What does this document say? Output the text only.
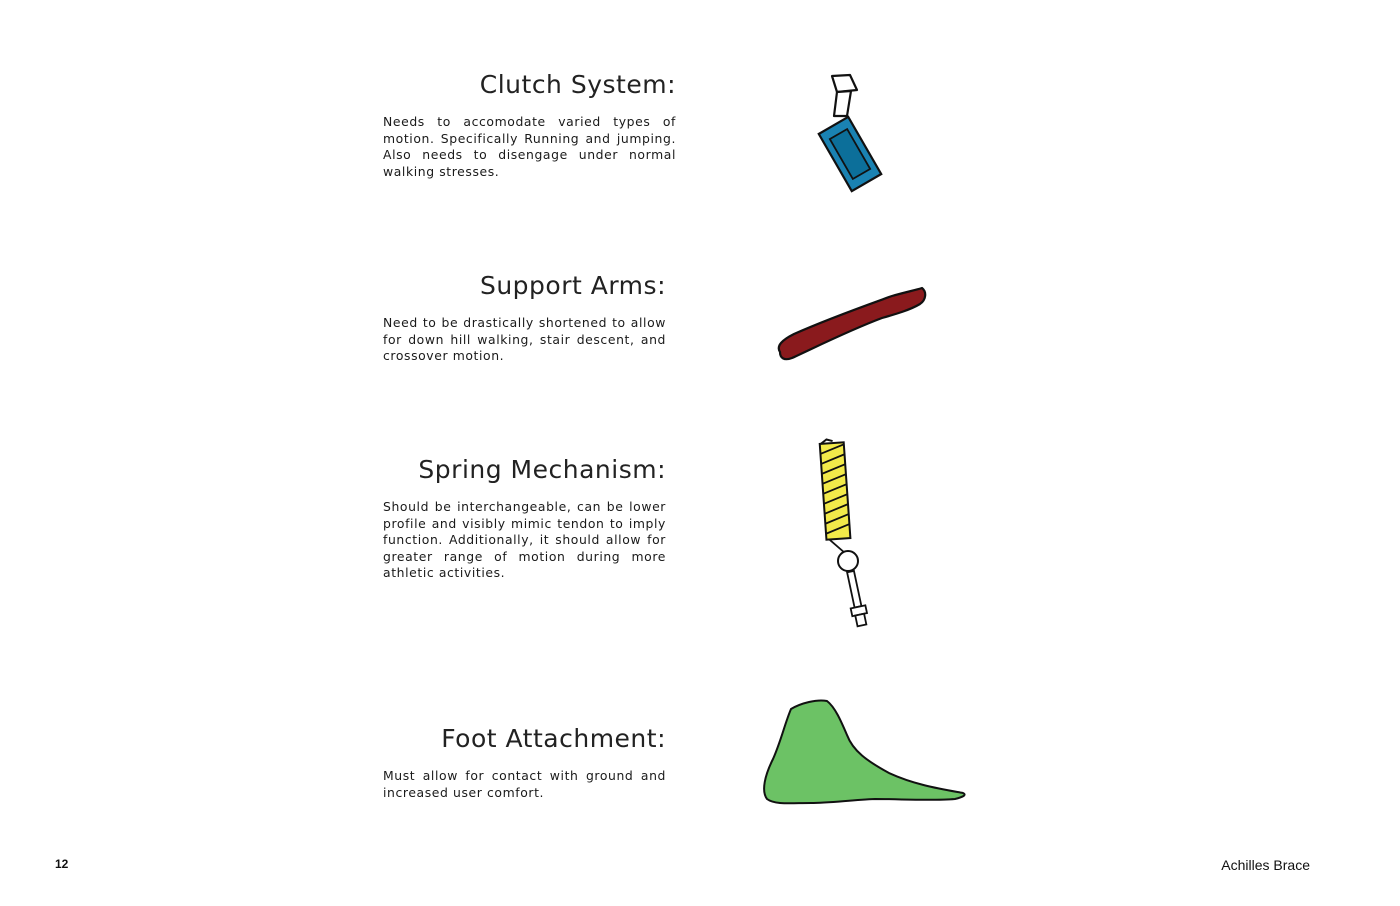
Clutch System:

Needs to accomodate varied types of motion. Specifically Running and jumping. Also needs to disengage under normal walking stresses.

Support Arms:

Need to be drastically shortened to allow for down hill walking, stair descent, and crossover motion.

Spring Mechanism:

Should be interchangeable, can be lower profile and visibly mimic tendon to imply function. Additionally, it should allow for greater range of motion during more athletic activities.

Foot Attachment:

Must allow for contact with ground and increased user comfort.

12	Achilles Brace
